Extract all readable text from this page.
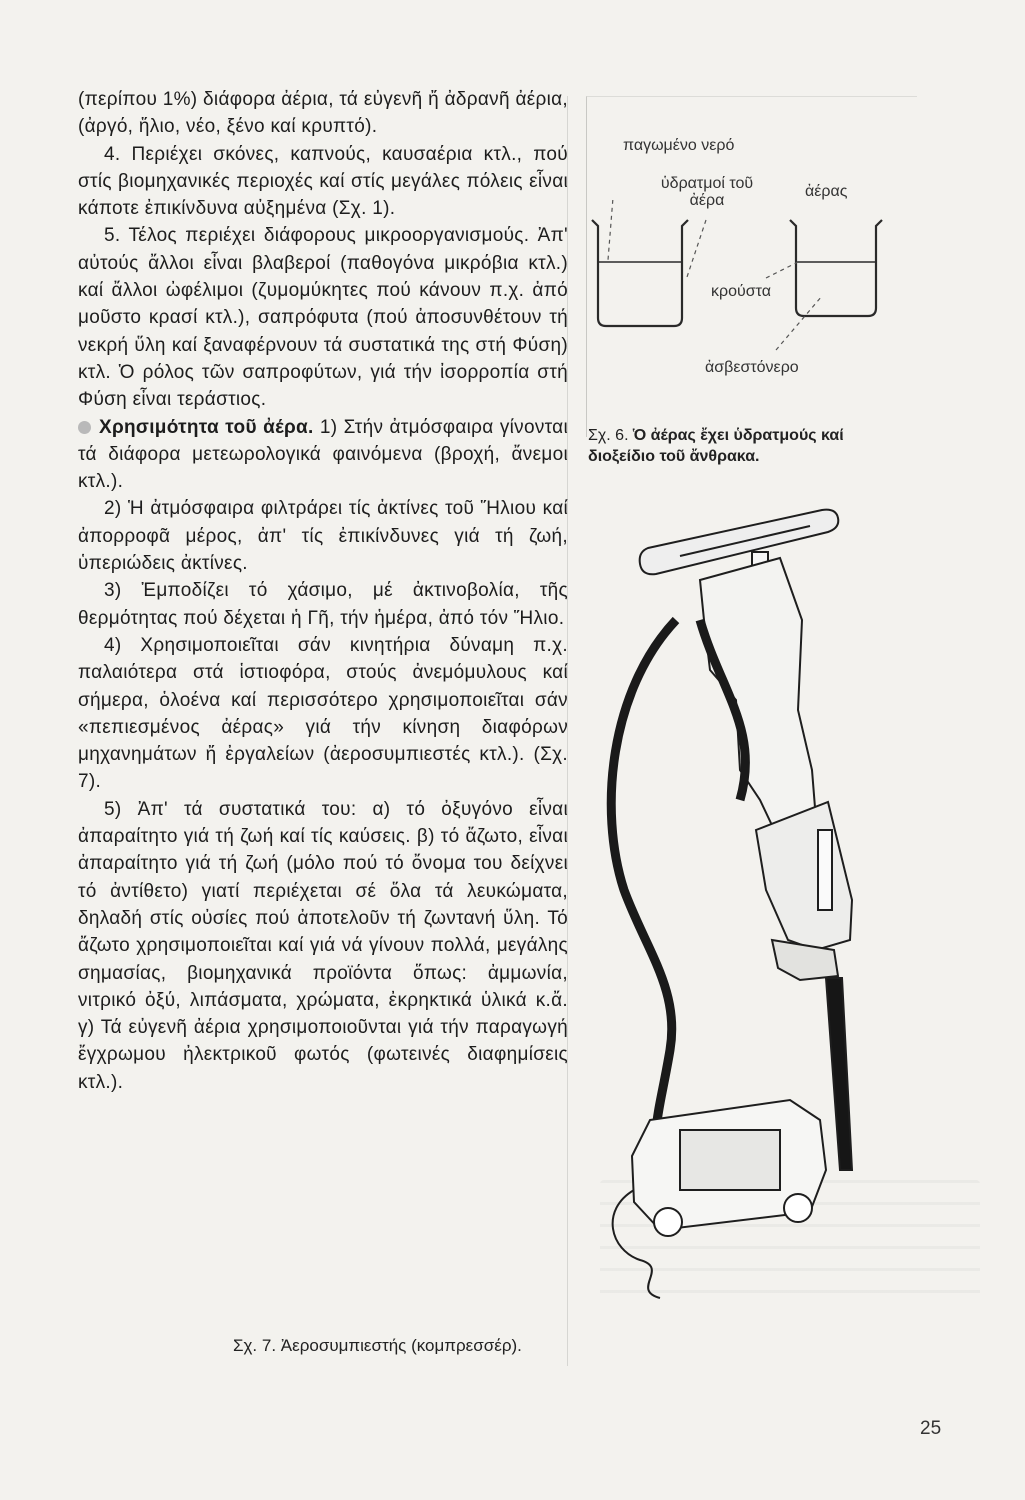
(περίπου 1%) διάφορα ἀέρια, τά εὐγενῆ ἤ ἀδρανῆ ἀέρια, (ἀργό, ἥλιο, νέο, ξένο καί κρυπτό).

4. Περιέχει σκόνες, καπνούς, καυσαέρια κτλ., πού στίς βιομηχανικές περιοχές καί στίς μεγάλες πόλεις εἶναι κάποτε ἐπικίνδυνα αὐξημένα (Σχ. 1).

5. Τέλος περιέχει διάφορους μικροοργανισμούς. Ἀπ' αὐτούς ἄλλοι εἶναι βλαβεροί (παθογόνα μικρόβια κτλ.) καί ἄλλοι ὠφέλιμοι (ζυμομύκητες πού κάνουν π.χ. ἀπό μοῦστο κρασί κτλ.), σαπρόφυτα (πού ἀποσυνθέτουν τή νεκρή ὕλη καί ξαναφέρνουν τά συστατικά της στή Φύση) κτλ. Ὁ ρόλος τῶν σαπροφύτων, γιά τήν ἰσορροπία στή Φύση εἶναι τεράστιος.

Χρησιμότητα τοῦ ἀέρα. 1) Στήν ἀτμόσφαιρα γίνονται τά διάφορα μετεωρολογικά φαινόμενα (βροχή, ἄνεμοι κτλ.).

2) Ἡ ἀτμόσφαιρα φιλτράρει τίς ἀκτίνες τοῦ Ἥλιου καί ἀπορροφᾶ μέρος, ἀπ' τίς ἐπικίνδυνες γιά τή ζωή, ὑπεριώδεις ἀκτίνες.

3) Ἐμποδίζει τό χάσιμο, μέ ἀκτινοβολία, τῆς θερμότητας πού δέχεται ἡ Γῆ, τήν ἡμέρα, ἀπό τόν Ἥλιο.

4) Χρησιμοποιεῖται σάν κινητήρια δύναμη π.χ. παλαιότερα στά ἱστιοφόρα, στούς ἀνεμόμυλους καί σήμερα, ὁλοένα καί περισσότερο χρησιμοποιεῖται σάν «πεπιεσμένος ἀέρας» γιά τήν κίνηση διαφόρων μηχανημάτων ἤ ἐργαλείων (ἀεροσυμπιεστές κτλ.). (Σχ. 7).

5) Ἀπ' τά συστατικά του: α) τό ὀξυγόνο εἶναι ἀπαραίτητο γιά τή ζωή καί τίς καύσεις. β) τό ἄζωτο, εἶναι ἀπαραίτητο γιά τή ζωή (μόλο πού τό ὄνομα του δείχνει τό ἀντίθετο) γιατί περιέχεται σέ ὅλα τά λευκώματα, δηλαδή στίς οὐσίες πού ἀποτελοῦν τή ζωντανή ὕλη. Τό ἄζωτο χρησιμοποιεῖται καί γιά νά γίνουν πολλά, μεγάλης σημασίας, βιομηχανικά προϊόντα ὅπως: ἀμμωνία, νιτρικό ὀξύ, λιπάσματα, χρώματα, ἐκρηκτικά ὑλικά κ.ἄ. γ) Τά εὐγενῆ ἀέρια χρησιμοποιοῦνται γιά τήν παραγωγή ἔγχρωμου ἠλεκτρικοῦ φωτός (φωτεινές διαφημίσεις κτλ.).

παγωμένο νερό
ὑδρατμοί τοῦ ἀέρα
ἀέρας
κρούστα
ἀσβεστόνερο
Σχ. 6. Ὁ ἀέρας ἔχει ὑδρατμούς καί διοξείδιο τοῦ ἄνθρακα.
Σχ. 7. Ἀεροσυμπιεστής (κομπρεσσέρ).
25
